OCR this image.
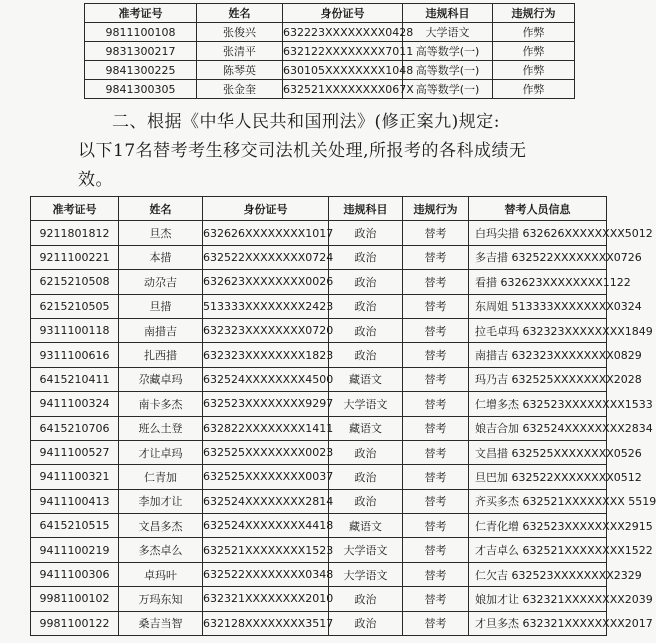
准考证号	姓名	身份证号	违规科目	违规行为
9811100108	张俊兴	632223XXXXXXXX0428	大学语文	作弊
9831300217	张清平	632122XXXXXXXX7011	高等数学(一)	作弊
9841300225	陈琴英	630105XXXXXXXX1048	高等数学(一)	作弊
9841300305	张金奎	632521XXXXXXXX067X	高等数学(一)	作弊
二、根据《中华人民共和国刑法》(修正案九)规定:
以下17名替考考生移交司法机关处理,所报考的各科成绩无
效。
准考证号	姓名	身份证号	违规科目	违规行为	替考人员信息
9211801812	旦杰	632626XXXXXXXX1017	政治	替考	白玛尖措 632626XXXXXXXX5012
9211100221	本措	632522XXXXXXXX0724	政治	替考	多吉措 632522XXXXXXXX0726
6215210508	动尕吉	632623XXXXXXXX0026	政治	替考	看措 632623XXXXXXXX1122
6215210505	旦措	513333XXXXXXXX2423	政治	替考	东周姐 513333XXXXXXXX0324
9311100118	南措吉	632323XXXXXXXX0720	政治	替考	拉毛卓玛 632323XXXXXXXX1849
9311100616	扎西措	632323XXXXXXXX1823	政治	替考	南措吉 632323XXXXXXXX0829
6415210411	尕藏卓玛	632524XXXXXXXX4500	藏语文	替考	玛乃吉 632525XXXXXXXX2028
9411100324	南卡多杰	632523XXXXXXXX9297	大学语文	替考	仁增多杰 632523XXXXXXXX1533
6415210706	班么土登	632822XXXXXXXX1411	藏语文	替考	娘吉合加 632524XXXXXXXX2834
9411100527	才让卓玛	632525XXXXXXXX0023	政治	替考	文昌措 632525XXXXXXXX0526
9411100321	仁青加	632525XXXXXXXX0037	政治	替考	旦巴加 632522XXXXXXXX0512
9411100413	李加才让	632524XXXXXXXX2814	政治	替考	齐买多杰 632521XXXXXXXX 5519
6415210515	文昌多杰	632524XXXXXXXX4418	藏语文	替考	仁青化增 632523XXXXXXXX2915
9411100219	多杰卓么	632521XXXXXXXX1523	大学语文	替考	才吉卓么 632521XXXXXXXX1522
9411100306	卓玛叶	632522XXXXXXXX0348	大学语文	替考	仁欠吉 632523XXXXXXXX2329
9981100102	万玛东知	632321XXXXXXXX2010	政治	替考	娘加才让 632321XXXXXXXX2039
9981100122	桑吉当智	632128XXXXXXXX3517	政治	替考	才旦多杰 632321XXXXXXXX2017
